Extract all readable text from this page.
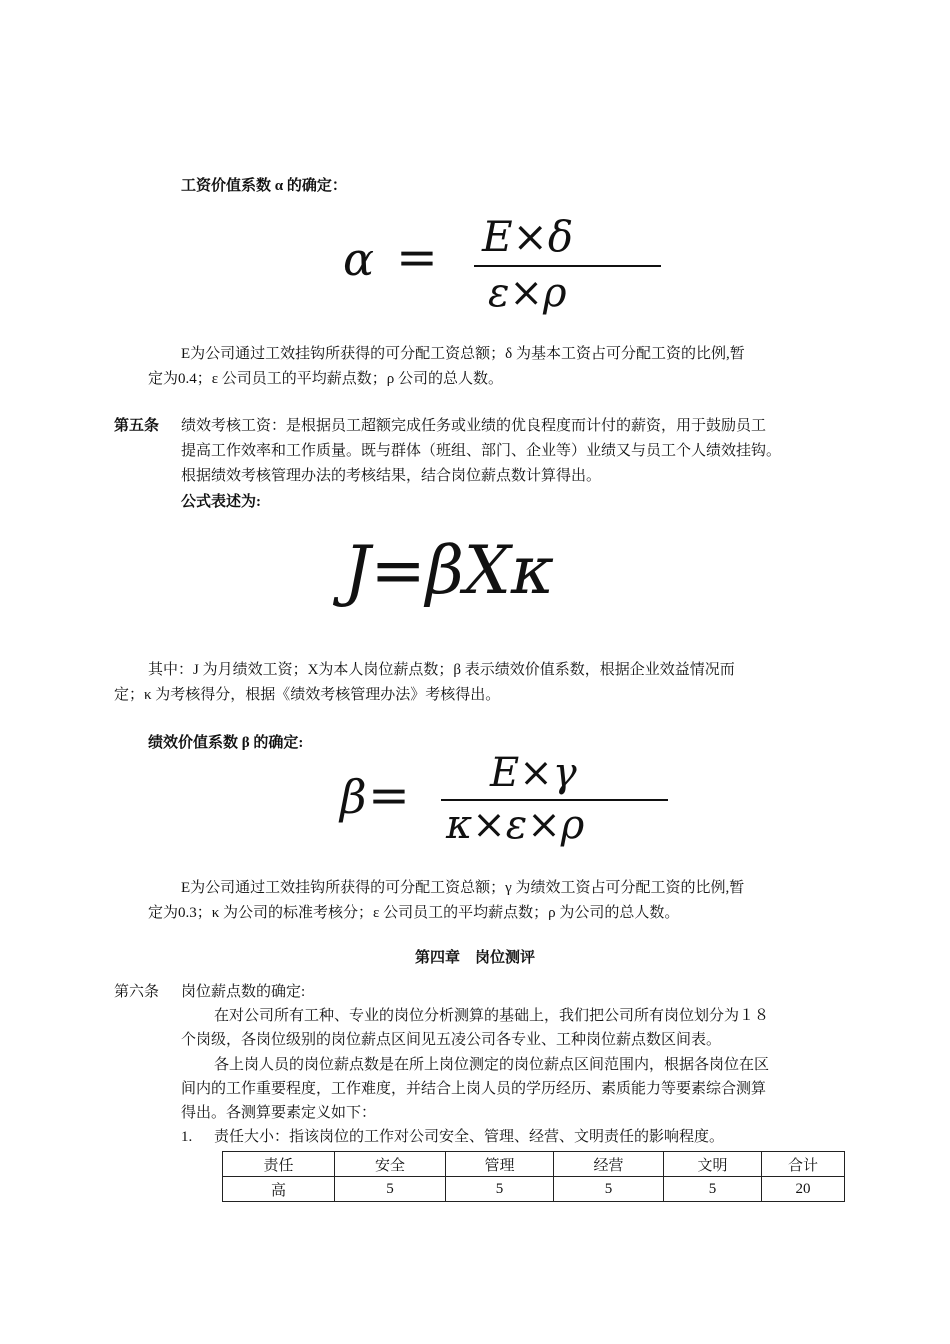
工资价值系数 α 的确定：
α = E×δ
ε×ρ
E为公司通过工效挂钩所获得的可分配工资总额；δ 为基本工资占可分配工资的比例,暂
定为0.4；ε 公司员工的平均薪点数；ρ 公司的总人数。
第五条 绩效考核工资：是根据员工超额完成任务或业绩的优良程度而计付的薪资，用于鼓励员工
提高工作效率和工作质量。既与群体（班组、部门、企业等）业绩又与员工个人绩效挂钩。
根据绩效考核管理办法的考核结果，结合岗位薪点数计算得出。
公式表述为:
J=βXκ
其中：J 为月绩效工资；X为本人岗位薪点数；β 表示绩效价值系数，根据企业效益情况而
定；κ 为考核得分，根据《绩效考核管理办法》考核得出。
绩效价值系数 β 的确定:
β = E×γ
κ×ε×ρ
E为公司通过工效挂钩所获得的可分配工资总额；γ 为绩效工资占可分配工资的比例,暂
定为0.3；κ 为公司的标准考核分；ε 公司员工的平均薪点数；ρ 为公司的总人数。
第四章　岗位测评
第六条 岗位薪点数的确定:
在对公司所有工种、专业的岗位分析测算的基础上，我们把公司所有岗位划分为１８
个岗级，各岗位级别的岗位薪点区间见五凌公司各专业、工种岗位薪点数区间表。
各上岗人员的岗位薪点数是在所上岗位测定的岗位薪点区间范围内，根据各岗位在区
间内的工作重要程度，工作难度，并结合上岗人员的学历经历、素质能力等要素综合测算
得出。各测算要素定义如下：
1. 责任大小：指该岗位的工作对公司安全、管理、经营、文明责任的影响程度。
责任	安全	管理	经营	文明	合计
高	5	5	5	5	20
